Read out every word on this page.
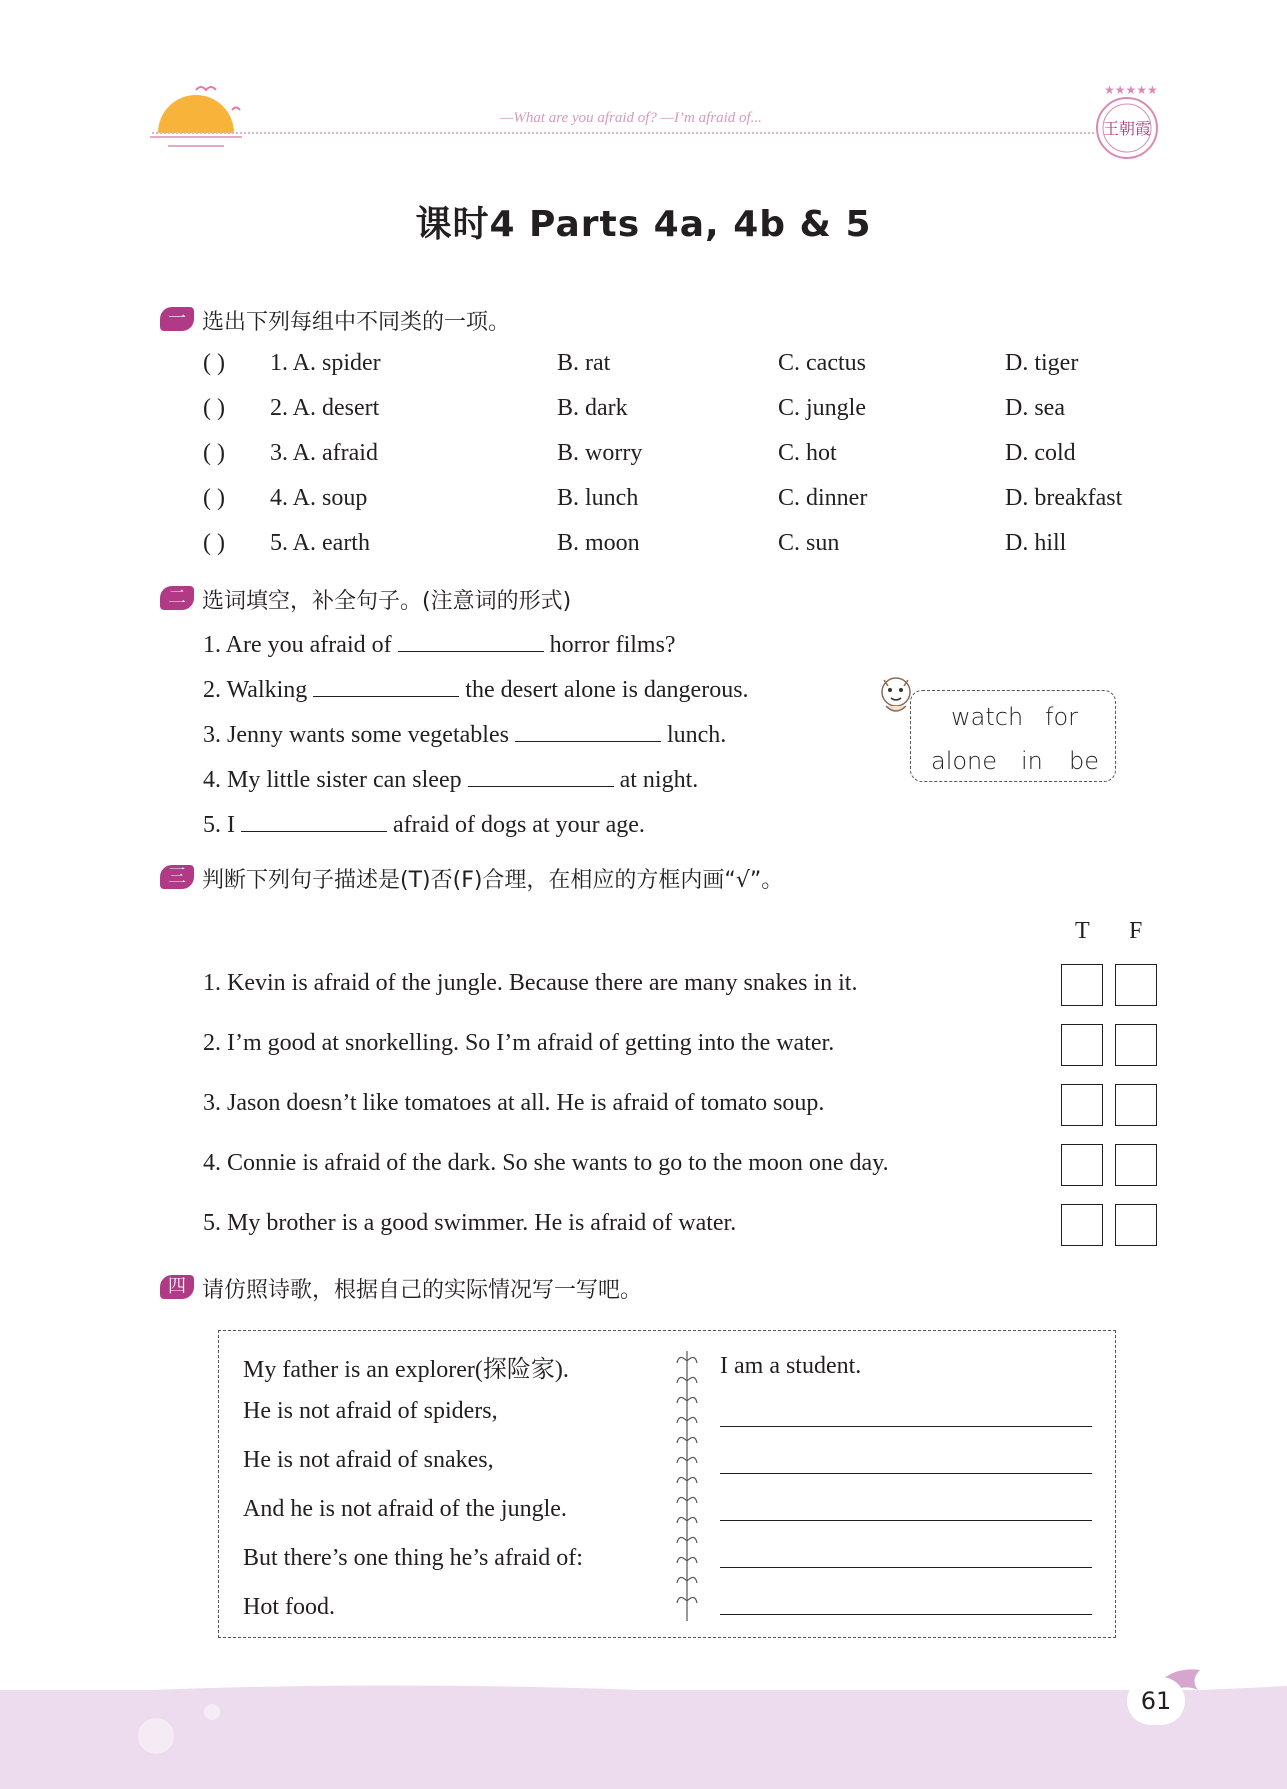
—What are you afraid of? —I’m afraid of...
★★★★★
王朝霞
课时4 Parts 4a, 4b & 5
一 选出下列每组中不同类的一项。
( ) 1. A. spider	B. rat	C. cactus	D. tiger
( ) 2. A. desert	B. dark	C. jungle	D. sea
( ) 3. A. afraid	B. worry	C. hot	D. cold
( ) 4. A. soup	B. lunch	C. dinner	D. breakfast
( ) 5. A. earth	B. moon	C. sun	D. hill
二 选词填空，补全句子。(注意词的形式)
1. Are you afraid of	horror films?
2. Walking	the desert alone is dangerous.
3. Jenny wants some vegetables	lunch.
4. My little sister can sleep	at night.
5. I	afraid of dogs at your age.
watch for
alone in be
三 判断下列句子描述是(T)否(F)合理，在相应的方框内画“√”。
T F
1. Kevin is afraid of the jungle. Because there are many snakes in it.
2. I’m good at snorkelling. So I’m afraid of getting into the water.
3. Jason doesn’t like tomatoes at all. He is afraid of tomato soup.
4. Connie is afraid of the dark. So she wants to go to the moon one day.
5. My brother is a good swimmer. He is afraid of water.
四 请仿照诗歌，根据自己的实际情况写一写吧。
My father is an explorer(探险家).
He is not afraid of spiders,
He is not afraid of snakes,
And he is not afraid of the jungle.
But there’s one thing he’s afraid of:
Hot food.
I am a student.
61
